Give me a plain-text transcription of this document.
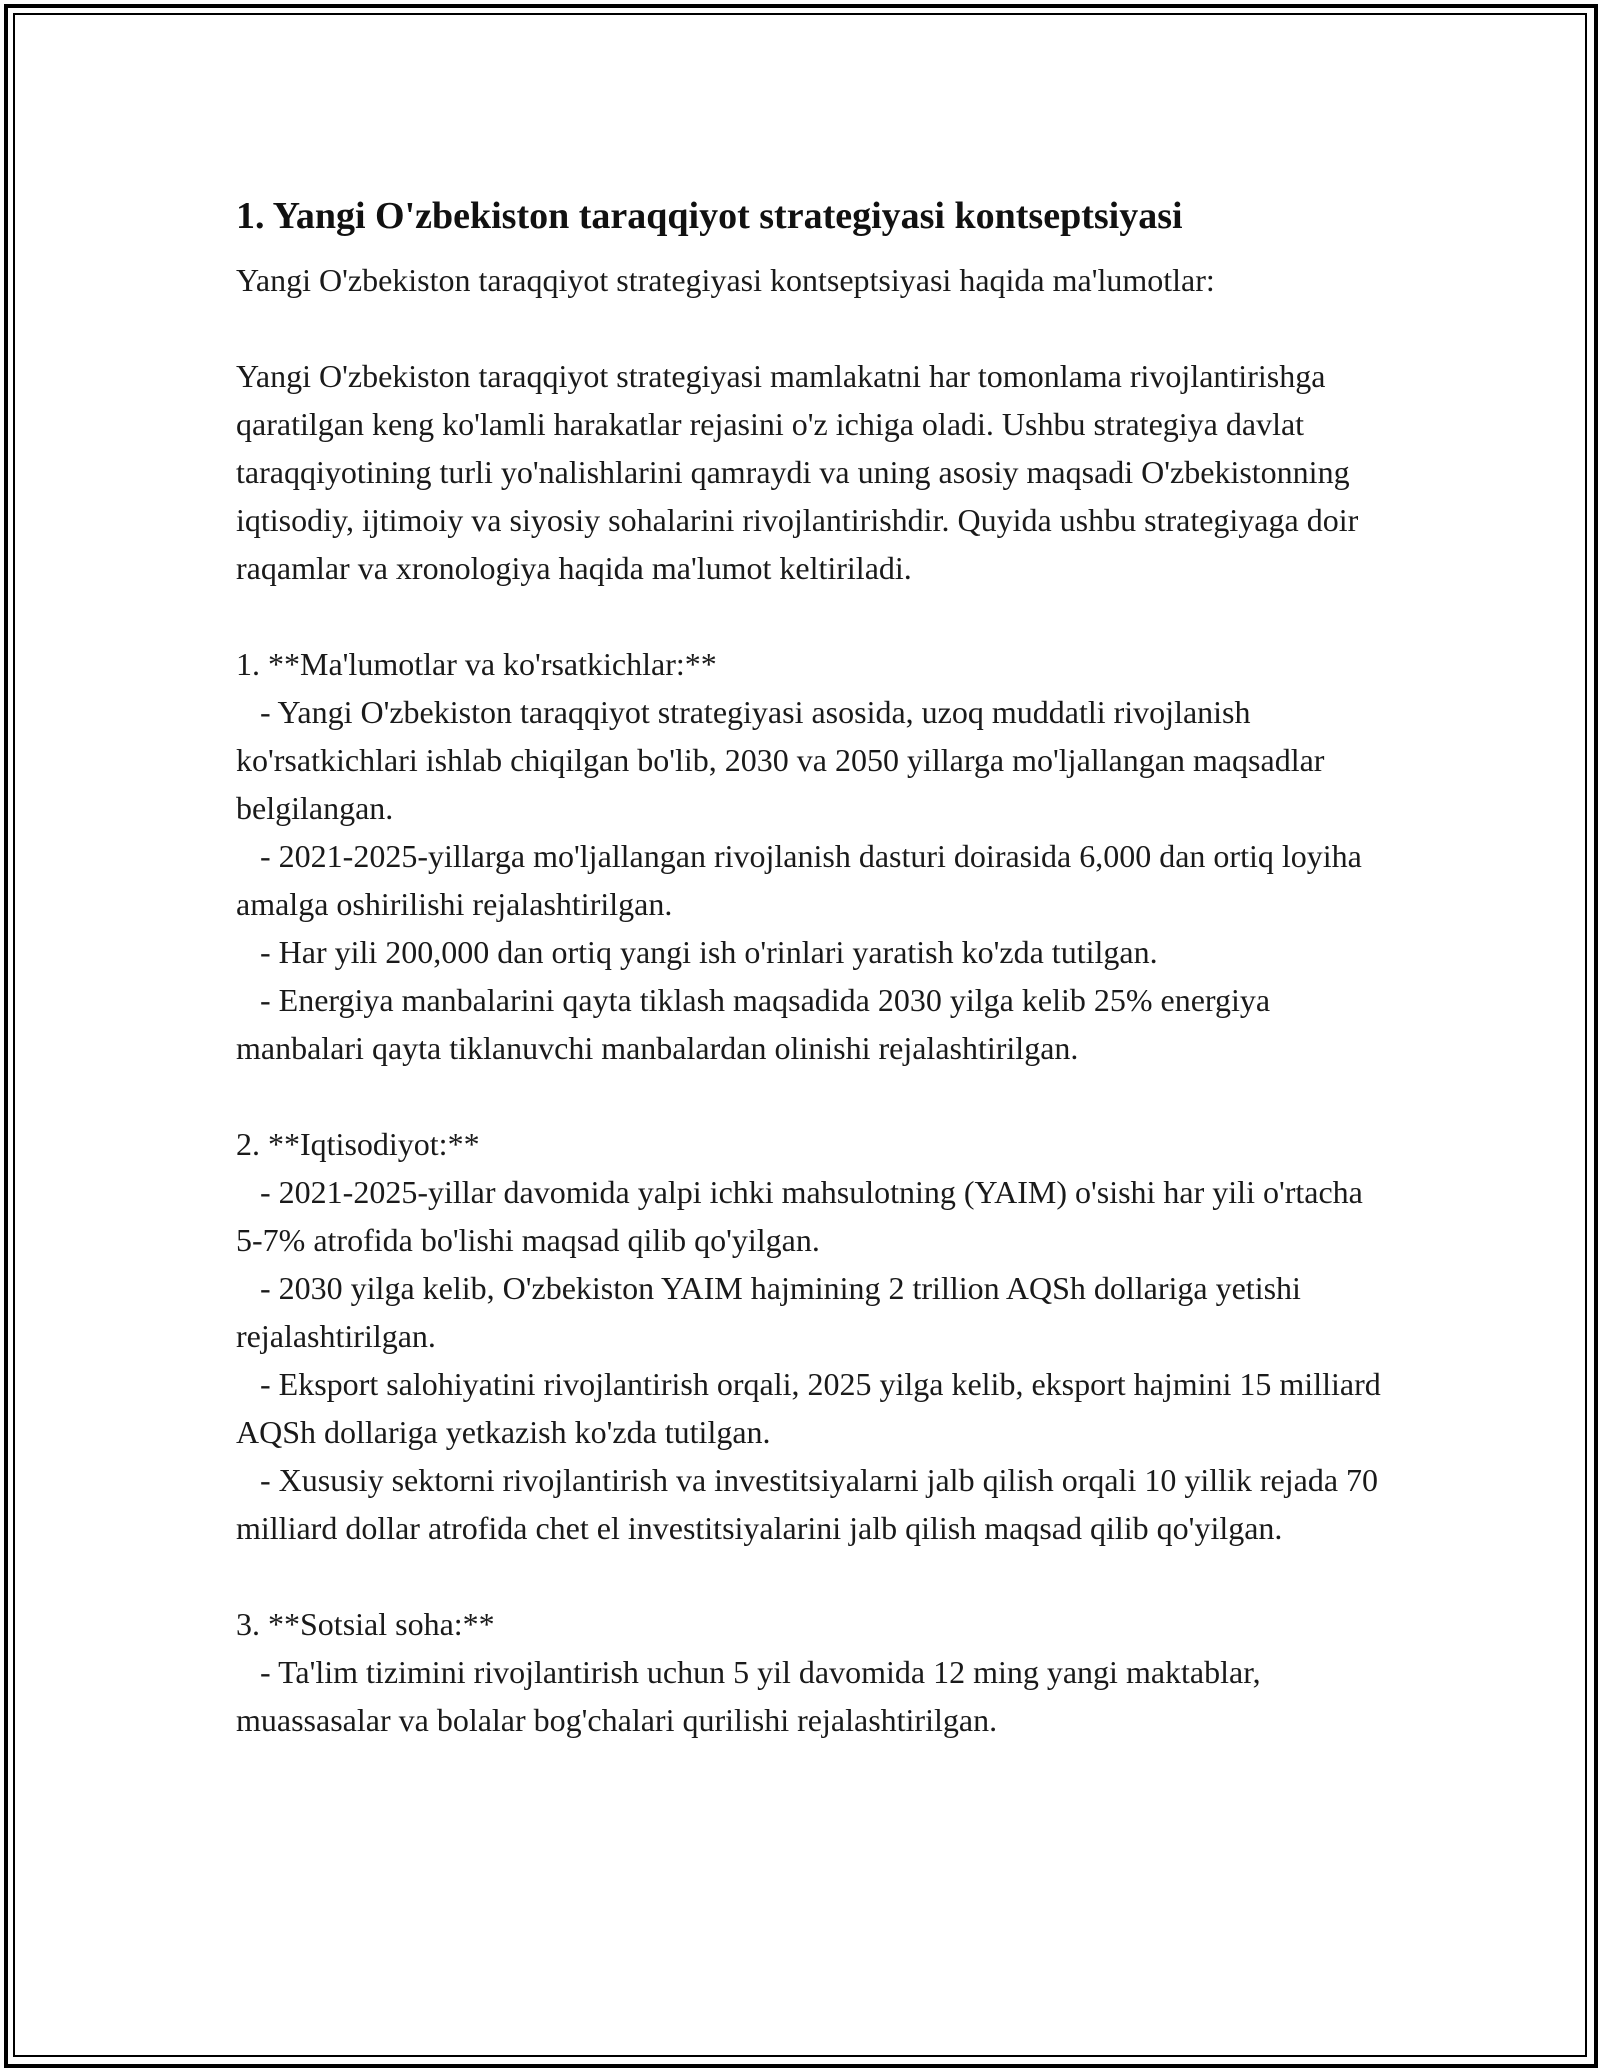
1. Yangi O'zbekiston taraqqiyot strategiyasi kontseptsiyasi

Yangi O'zbekiston taraqqiyot strategiyasi kontseptsiyasi haqida ma'lumotlar:

Yangi O'zbekiston taraqqiyot strategiyasi mamlakatni har tomonlama rivojlantirishga qaratilgan keng ko'lamli harakatlar rejasini o'z ichiga oladi. Ushbu strategiya davlat taraqqiyotining turli yo'nalishlarini qamraydi va uning asosiy maqsadi O'zbekistonning iqtisodiy, ijtimoiy va siyosiy sohalarini rivojlantirishdir. Quyida ushbu strategiyaga doir raqamlar va xronologiya haqida ma'lumot keltiriladi.

1. **Ma'lumotlar va ko'rsatkichlar:**

- Yangi O'zbekiston taraqqiyot strategiyasi asosida, uzoq muddatli rivojlanish ko'rsatkichlari ishlab chiqilgan bo'lib, 2030 va 2050 yillarga mo'ljallangan maqsadlar belgilangan.

- 2021-2025-yillarga mo'ljallangan rivojlanish dasturi doirasida 6,000 dan ortiq loyiha amalga oshirilishi rejalashtirilgan.

- Har yili 200,000 dan ortiq yangi ish o'rinlari yaratish ko'zda tutilgan.

- Energiya manbalarini qayta tiklash maqsadida 2030 yilga kelib 25% energiya manbalari qayta tiklanuvchi manbalardan olinishi rejalashtirilgan.

2. **Iqtisodiyot:**

- 2021-2025-yillar davomida yalpi ichki mahsulotning (YAIM) o'sishi har yili o'rtacha 5-7% atrofida bo'lishi maqsad qilib qo'yilgan.

- 2030 yilga kelib, O'zbekiston YAIM hajmining 2 trillion AQSh dollariga yetishi rejalashtirilgan.

- Eksport salohiyatini rivojlantirish orqali, 2025 yilga kelib, eksport hajmini 15 milliard AQSh dollariga yetkazish ko'zda tutilgan.

- Xususiy sektorni rivojlantirish va investitsiyalarni jalb qilish orqali 10 yillik rejada 70 milliard dollar atrofida chet el investitsiyalarini jalb qilish maqsad qilib qo'yilgan.

3. **Sotsial soha:**

- Ta'lim tizimini rivojlantirish uchun 5 yil davomida 12 ming yangi maktablar, muassasalar va bolalar bog'chalari qurilishi rejalashtirilgan.
